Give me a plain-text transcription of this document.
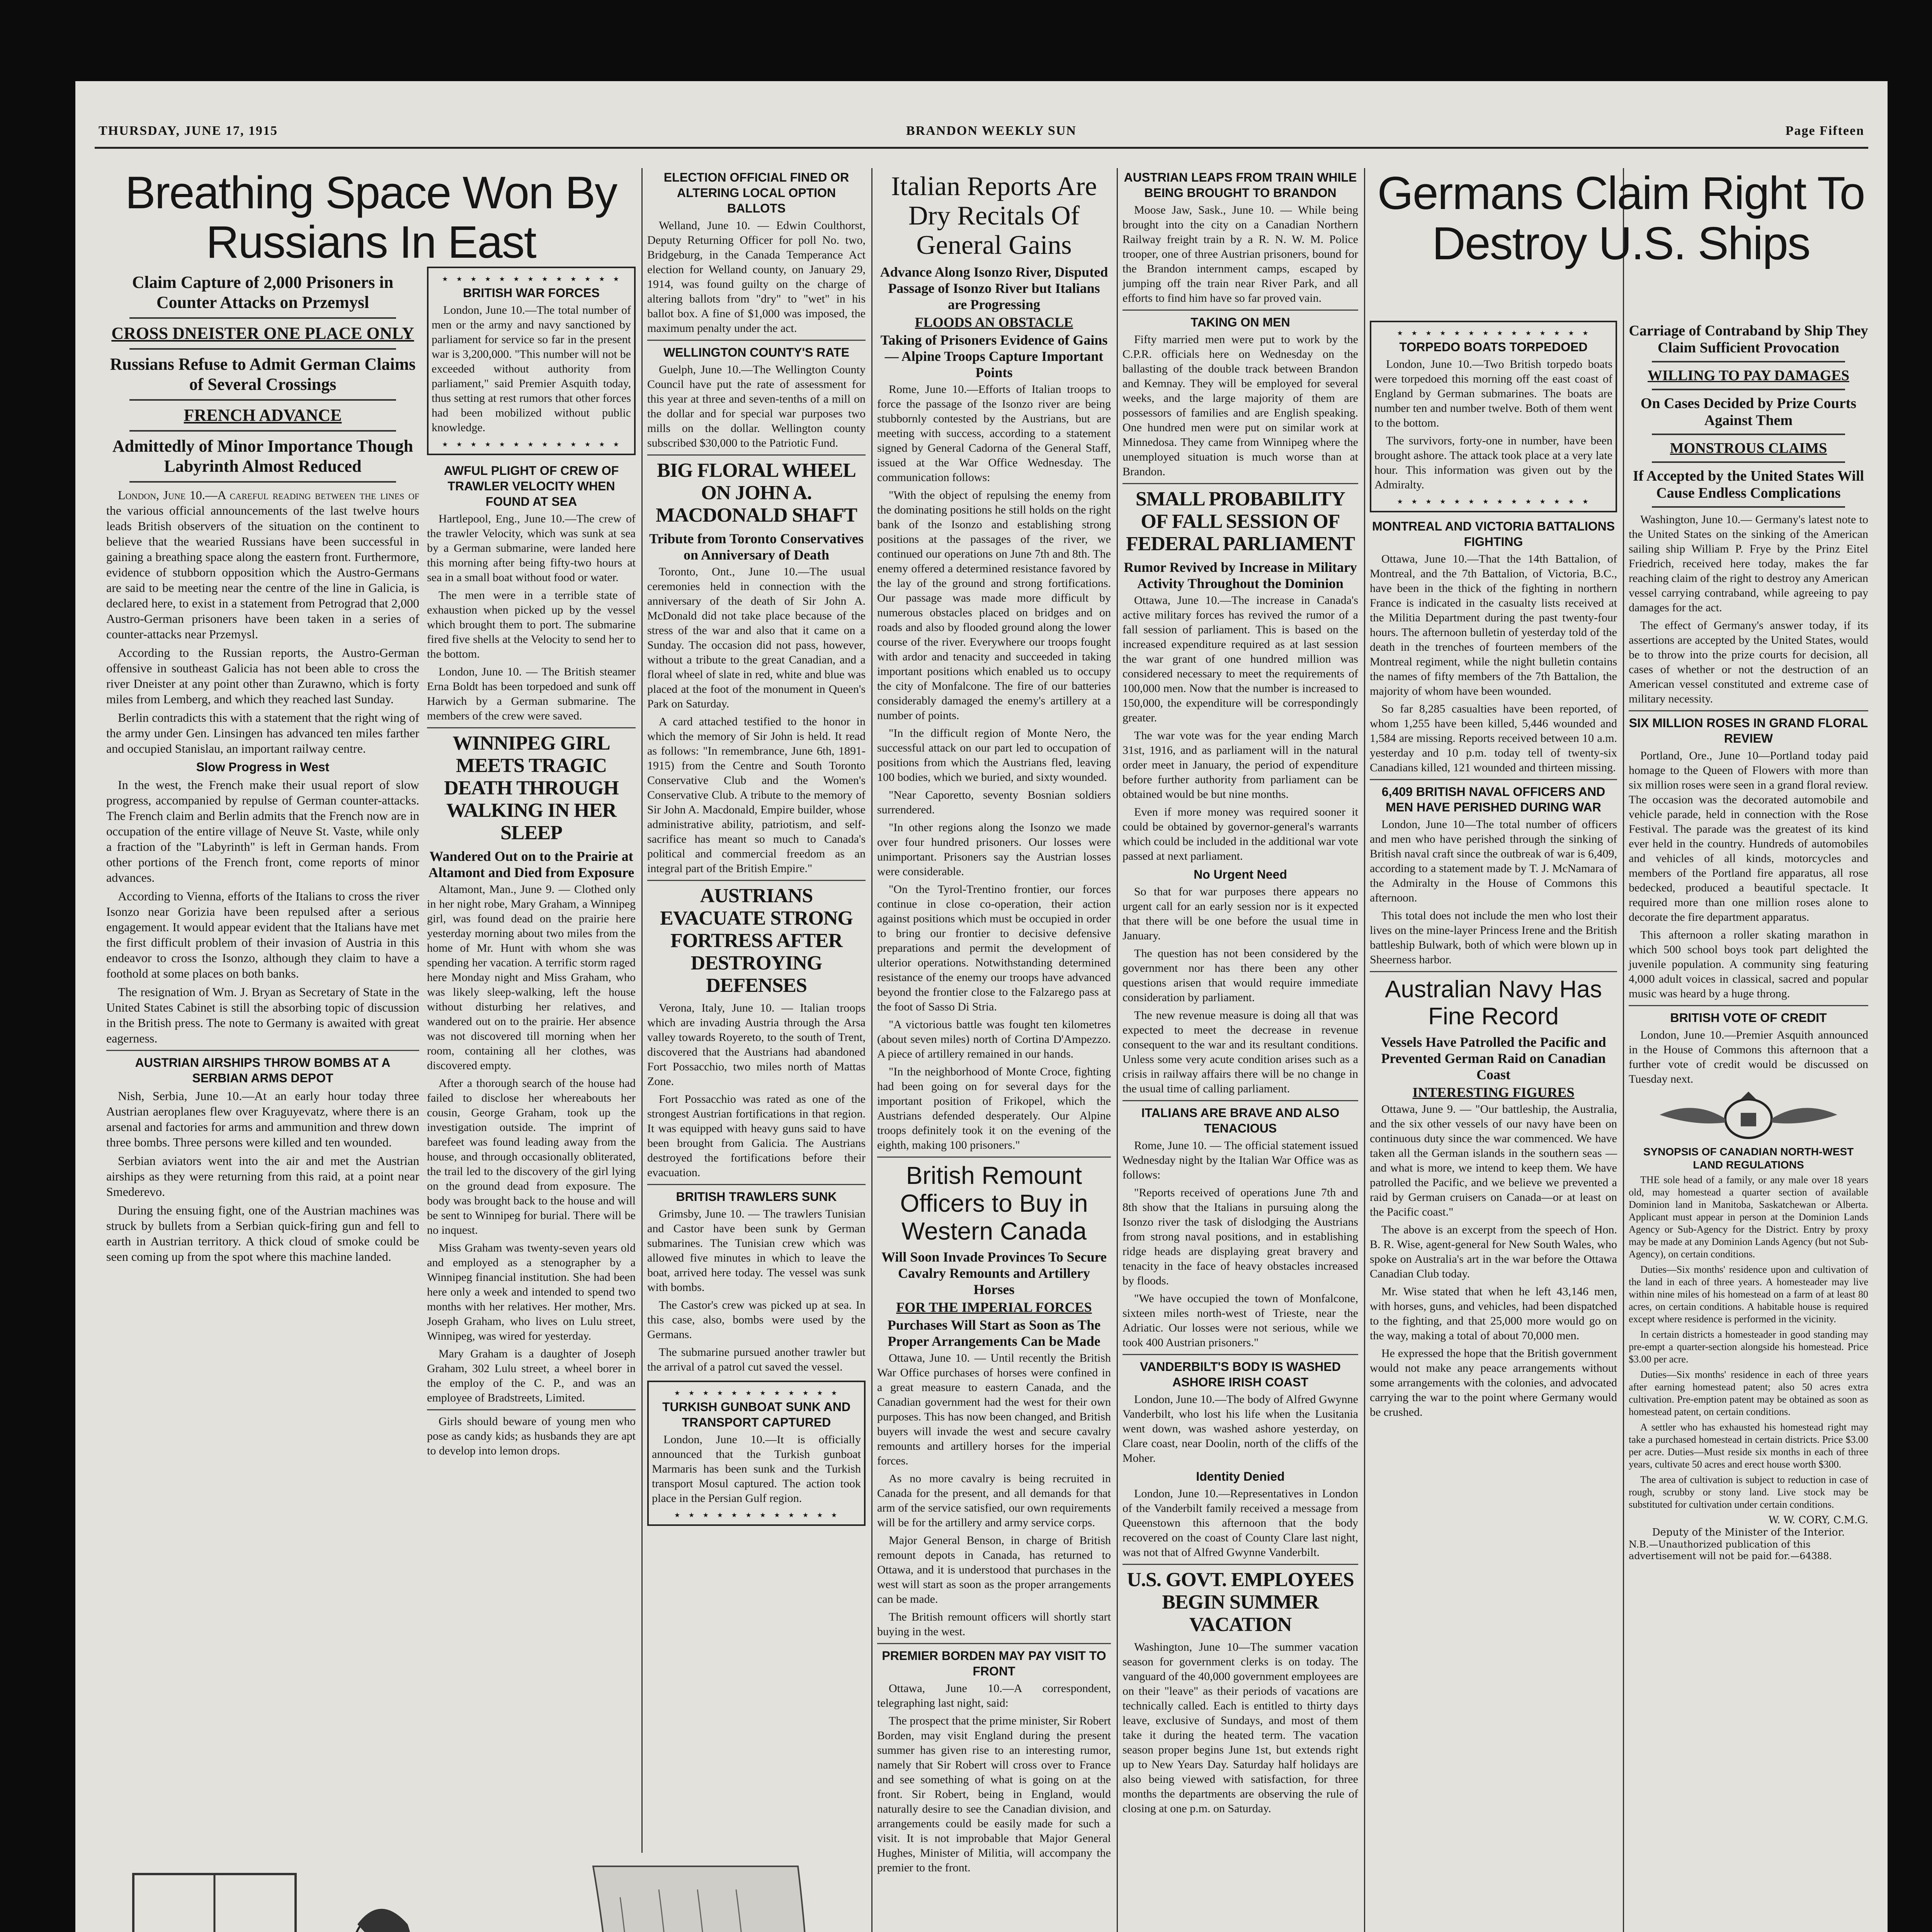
THURSDAY, JUNE 17, 1915	BRANDON WEEKLY SUN	Page Fifteen
Breathing Space Won By Russians In East
Claim Capture of 2,000 Prisoners in Counter Attacks on Przemysl
CROSS DNEISTER ONE PLACE ONLY
Russians Refuse to Admit German Claims of Several Crossings
FRENCH ADVANCE
Admittedly of Minor Importance Though Labyrinth Almost Reduced

London, June 10.—A careful reading between the lines of the various official announcements of the last twelve hours leads British observers of the situation on the continent to believe that the wearied Russians have been successful in gaining a breathing space along the eastern front. Furthermore, evidence of stubborn opposition which the Austro-Germans are said to be meeting near the centre of the line in Galicia, is declared here, to exist in a statement from Petrograd that 2,000 Austro-German prisoners have been taken in a series of counter-attacks near Przemysl.

According to the Russian reports, the Austro-German offensive in southeast Galicia has not been able to cross the river Dneister at any point other than Zurawno, which is forty miles from Lemberg, and which they reached last Sunday.

Berlin contradicts this with a statement that the right wing of the army under Gen. Linsingen has advanced ten miles farther and occupied Stanislau, an important railway centre.

Slow Progress in West

In the west, the French make their usual report of slow progress, accompanied by repulse of German counter-attacks. The French claim and Berlin admits that the French now are in occupation of the entire village of Neuve St. Vaste, while only a fraction of the "Labyrinth" is left in German hands. From other portions of the French front, come reports of minor advances.

According to Vienna, efforts of the Italians to cross the river Isonzo near Gorizia have been repulsed after a serious engagement. It would appear evident that the Italians have met the first difficult problem of their invasion of Austria in this endeavor to cross the Isonzo, although they claim to have a foothold at some places on both banks.

The resignation of Wm. J. Bryan as Secretary of State in the United States Cabinet is still the absorbing topic of discussion in the British press. The note to Germany is awaited with great eagerness.

AUSTRIAN AIRSHIPS THROW BOMBS AT A SERBIAN ARMS DEPOT

Nish, Serbia, June 10.—At an early hour today three Austrian aeroplanes flew over Kraguyevatz, where there is an arsenal and factories for arms and ammunition and threw down three bombs. Three persons were killed and ten wounded.

Serbian aviators went into the air and met the Austrian airships as they were returning from this raid, at a point near Smederevo.

During the ensuing fight, one of the Austrian machines was struck by bullets from a Serbian quick-firing gun and fell to earth in Austrian territory. A thick cloud of smoke could be seen coming up from the spot where this machine landed.

★ ★ ★ ★ ★ ★ ★ ★ ★ ★ ★ ★ ★
BRITISH WAR FORCES

London, June 10.—The total number of men or the army and navy sanctioned by parliament for service so far in the present war is 3,200,000. "This number will not be exceeded without authority from parliament," said Premier Asquith today, thus setting at rest rumors that other forces had been mobilized without public knowledge.

★ ★ ★ ★ ★ ★ ★ ★ ★ ★ ★ ★ ★
AWFUL PLIGHT OF CREW OF TRAWLER VELOCITY WHEN FOUND AT SEA

Hartlepool, Eng., June 10.—The crew of the trawler Velocity, which was sunk at sea by a German submarine, were landed here this morning after being fifty-two hours at sea in a small boat without food or water.

The men were in a terrible state of exhaustion when picked up by the vessel which brought them to port. The submarine fired five shells at the Velocity to send her to the bottom.

London, June 10. — The British steamer Erna Boldt has been torpedoed and sunk off Harwich by a German submarine. The members of the crew were saved.

WINNIPEG GIRL MEETS TRAGIC DEATH THROUGH WALKING IN HER SLEEP
Wandered Out on to the Prairie at Altamont and Died from Exposure

Altamont, Man., June 9. — Clothed only in her night robe, Mary Graham, a Winnipeg girl, was found dead on the prairie here yesterday morning about two miles from the home of Mr. Hunt with whom she was spending her vacation. A terrific storm raged here Monday night and Miss Graham, who was likely sleep-walking, left the house without disturbing her relatives, and wandered out on to the prairie. Her absence was not discovered till morning when her room, containing all her clothes, was discovered empty.

After a thorough search of the house had failed to disclose her whereabouts her cousin, George Graham, took up the investigation outside. The imprint of barefeet was found leading away from the house, and through occasionally obliterated, the trail led to the discovery of the girl lying on the ground dead from exposure. The body was brought back to the house and will be sent to Winnipeg for burial. There will be no inquest.

Miss Graham was twenty-seven years old and employed as a stenographer by a Winnipeg financial institution. She had been here only a week and intended to spend two months with her relatives. Her mother, Mrs. Joseph Graham, who lives on Lulu street, Winnipeg, was wired for yesterday.

Mary Graham is a daughter of Joseph Graham, 302 Lulu street, a wheel borer in the employ of the C. P., and was an employee of Bradstreets, Limited.

Girls should beware of young men who pose as candy kids; as husbands they are apt to develop into lemon drops.

ELECTION OFFICIAL FINED OR ALTERING LOCAL OPTION BALLOTS

Welland, June 10. — Edwin Coulthorst, Deputy Returning Officer for poll No. two, Bridgeburg, in the Canada Temperance Act election for Welland county, on January 29, 1914, was found guilty on the charge of altering ballots from "dry" to "wet" in his ballot box. A fine of $1,000 was imposed, the maximum penalty under the act.

WELLINGTON COUNTY'S RATE

Guelph, June 10.—The Wellington County Council have put the rate of assessment for this year at three and seven-tenths of a mill on the dollar and for special war purposes two mills on the dollar. Wellington county subscribed $30,000 to the Patriotic Fund.

BIG FLORAL WHEEL ON JOHN A. MACDONALD SHAFT
Tribute from Toronto Conservatives on Anniversary of Death

Toronto, Ont., June 10.—The usual ceremonies held in connection with the anniversary of the death of Sir John A. McDonald did not take place because of the stress of the war and also that it came on a Sunday. The occasion did not pass, however, without a tribute to the great Canadian, and a floral wheel of slate in red, white and blue was placed at the foot of the monument in Queen's Park on Saturday.

A card attached testified to the honor in which the memory of Sir John is held. It read as follows: "In remembrance, June 6th, 1891-1915) from the Centre and South Toronto Conservative Club and the Women's Conservative Club. A tribute to the memory of Sir John A. Macdonald, Empire builder, whose administrative ability, patriotism, and self-sacrifice has meant so much to Canada's political and commercial freedom as an integral part of the British Empire."

AUSTRIANS EVACUATE STRONG FORTRESS AFTER DESTROYING DEFENSES

Verona, Italy, June 10. — Italian troops which are invading Austria through the Arsa valley towards Royereto, to the south of Trent, discovered that the Austrians had abandoned Fort Possacchio, two miles north of Mattas Zone.

Fort Possacchio was rated as one of the strongest Austrian fortifications in that region. It was equipped with heavy guns said to have been brought from Galicia. The Austrians destroyed the fortifications before their evacuation.

BRITISH TRAWLERS SUNK

Grimsby, June 10. — The trawlers Tunisian and Castor have been sunk by German submarines. The Tunisian crew which was allowed five minutes in which to leave the boat, arrived here today. The vessel was sunk with bombs.

The Castor's crew was picked up at sea. In this case, also, bombs were used by the Germans.

The submarine pursued another trawler but the arrival of a patrol cut saved the vessel.

★ ★ ★ ★ ★ ★ ★ ★ ★ ★ ★ ★
TURKISH GUNBOAT SUNK AND TRANSPORT CAPTURED

London, June 10.—It is officially announced that the Turkish gunboat Marmaris has been sunk and the Turkish transport Mosul captured. The action took place in the Persian Gulf region.

★ ★ ★ ★ ★ ★ ★ ★ ★ ★ ★ ★
Italian Reports Are Dry Recitals Of General Gains
Advance Along Isonzo River, Disputed Passage of Isonzo River but Italians are Progressing
FLOODS AN OBSTACLE
Taking of Prisoners Evidence of Gains— Alpine Troops Capture Important Points

Rome, June 10.—Efforts of Italian troops to force the passage of the Isonzo river are being stubbornly contested by the Austrians, but are meeting with success, according to a statement signed by General Cadorna of the General Staff, issued at the War Office Wednesday. The communication follows:

"With the object of repulsing the enemy from the dominating positions he still holds on the right bank of the Isonzo and establishing strong positions at the passages of the river, we continued our operations on June 7th and 8th. The enemy offered a determined resistance favored by the lay of the ground and strong fortifications. Our passage was made more difficult by numerous obstacles placed on bridges and on roads and also by flooded ground along the lower course of the river. Everywhere our troops fought with ardor and tenacity and succeeded in taking important positions which enabled us to occupy the city of Monfalcone. The fire of our batteries considerably damaged the enemy's artillery at a number of points.

"In the difficult region of Monte Nero, the successful attack on our part led to occupation of positions from which the Austrians fled, leaving 100 bodies, which we buried, and sixty wounded.

"Near Caporetto, seventy Bosnian soldiers surrendered.

"In other regions along the Isonzo we made over four hundred prisoners. Our losses were unimportant. Prisoners say the Austrian losses were considerable.

"On the Tyrol-Trentino frontier, our forces continue in close co-operation, their action against positions which must be occupied in order to bring our frontier to decisive defensive preparations and permit the development of ulterior operations. Notwithstanding determined resistance of the enemy our troops have advanced beyond the frontier close to the Falzarego pass at the foot of Sasso Di Stria.

"A victorious battle was fought ten kilometres (about seven miles) north of Cortina D'Ampezzo. A piece of artillery remained in our hands.

"In the neighborhood of Monte Croce, fighting had been going on for several days for the important position of Frikopel, which the Austrians defended desperately. Our Alpine troops definitely took it on the evening of the eighth, making 100 prisoners."

British Remount Officers to Buy in Western Canada
Will Soon Invade Provinces To Secure Cavalry Remounts and Artillery Horses
FOR THE IMPERIAL FORCES
Purchases Will Start as Soon as The Proper Arrangements Can be Made

Ottawa, June 10. — Until recently the British War Office purchases of horses were confined in a great measure to eastern Canada, and the Canadian government had the west for their own purposes. This has now been changed, and British buyers will invade the west and secure cavalry remounts and artillery horses for the imperial forces.

As no more cavalry is being recruited in Canada for the present, and all demands for that arm of the service satisfied, our own requirements will be for the artillery and army service corps.

Major General Benson, in charge of British remount depots in Canada, has returned to Ottawa, and it is understood that purchases in the west will start as soon as the proper arrangements can be made.

The British remount officers will shortly start buying in the west.

PREMIER BORDEN MAY PAY VISIT TO FRONT

Ottawa, June 10.—A correspondent, telegraphing last night, said:

The prospect that the prime minister, Sir Robert Borden, may visit England during the present summer has given rise to an interesting rumor, namely that Sir Robert will cross over to France and see something of what is going on at the front. Sir Robert, being in England, would naturally desire to see the Canadian division, and arrangements could be easily made for such a visit. It is not improbable that Major General Hughes, Minister of Militia, will accompany the premier to the front.

AUSTRIAN LEAPS FROM TRAIN WHILE BEING BROUGHT TO BRANDON

Moose Jaw, Sask., June 10. — While being brought into the city on a Canadian Northern Railway freight train by a R. N. W. M. Police trooper, one of three Austrian prisoners, bound for the Brandon internment camps, escaped by jumping off the train near River Park, and all efforts to find him have so far proved vain.

TAKING ON MEN

Fifty married men were put to work by the C.P.R. officials here on Wednesday on the ballasting of the double track between Brandon and Kemnay. They will be employed for several weeks, and the large majority of them are possessors of families and are English speaking. One hundred men were put on similar work at Minnedosa. They came from Winnipeg where the unemployed situation is much worse than at Brandon.

SMALL PROBABILITY OF FALL SESSION OF FEDERAL PARLIAMENT
Rumor Revived by Increase in Military Activity Throughout the Dominion

Ottawa, June 10.—The increase in Canada's active military forces has revived the rumor of a fall session of parliament. This is based on the increased expenditure required as at last session the war grant of one hundred million was considered necessary to meet the requirements of 100,000 men. Now that the number is increased to 150,000, the expenditure will be correspondingly greater.

The war vote was for the year ending March 31st, 1916, and as parliament will in the natural order meet in January, the period of expenditure before further authority from parliament can be obtained would be but nine months.

Even if more money was required sooner it could be obtained by governor-general's warrants which could be included in the additional war vote passed at next parliament.

No Urgent Need

So that for war purposes there appears no urgent call for an early session nor is it expected that there will be one before the usual time in January.

The question has not been considered by the government nor has there been any other questions arisen that would require immediate consideration by parliament.

The new revenue measure is doing all that was expected to meet the decrease in revenue consequent to the war and its resultant conditions. Unless some very acute condition arises such as a crisis in railway affairs there will be no change in the usual time of calling parliament.

ITALIANS ARE BRAVE AND ALSO TENACIOUS

Rome, June 10. — The official statement issued Wednesday night by the Italian War Office was as follows:

"Reports received of operations June 7th and 8th show that the Italians in pursuing along the Isonzo river the task of dislodging the Austrians from strong naval positions, and in establishing ridge heads are displaying great bravery and tenacity in the face of heavy obstacles increased by floods.

"We have occupied the town of Monfalcone, sixteen miles north-west of Trieste, near the Adriatic. Our losses were not serious, while we took 400 Austrian prisoners."

VANDERBILT'S BODY IS WASHED ASHORE IRISH COAST

London, June 10.—The body of Alfred Gwynne Vanderbilt, who lost his life when the Lusitania went down, was washed ashore yesterday, on Clare coast, near Doolin, north of the cliffs of the Moher.

Identity Denied

London, June 10.—Representatives in London of the Vanderbilt family received a message from Queenstown this afternoon that the body recovered on the coast of County Clare last night, was not that of Alfred Gwynne Vanderbilt.

U.S. GOVT. EMPLOYEES BEGIN SUMMER VACATION

Washington, June 10—The summer vacation season for government clerks is on today. The vanguard of the 40,000 government employees are on their "leave" as their periods of vacations are technically called. Each is entitled to thirty days leave, exclusive of Sundays, and most of them take it during the heated term. The vacation season proper begins June 1st, but extends right up to New Years Day. Saturday half holidays are also being viewed with satisfaction, for three months the departments are observing the rule of closing at one p.m. on Saturday.

Germans Claim Right To Destroy U.S. Ships
★ ★ ★ ★ ★ ★ ★ ★ ★ ★ ★ ★ ★ ★
TORPEDO BOATS TORPEDOED

London, June 10.—Two British torpedo boats were torpedoed this morning off the east coast of England by German submarines. The boats are number ten and number twelve. Both of them went to the bottom.

The survivors, forty-one in number, have been brought ashore. The attack took place at a very late hour. This information was given out by the Admiralty.

★ ★ ★ ★ ★ ★ ★ ★ ★ ★ ★ ★ ★ ★
MONTREAL AND VICTORIA BATTALIONS FIGHTING

Ottawa, June 10.—That the 14th Battalion, of Montreal, and the 7th Battalion, of Victoria, B.C., have been in the thick of the fighting in northern France is indicated in the casualty lists received at the Militia Department during the past twenty-four hours. The afternoon bulletin of yesterday told of the death in the trenches of fourteen members of the Montreal regiment, while the night bulletin contains the names of fifty members of the 7th Battalion, the majority of whom have been wounded.

So far 8,285 casualties have been reported, of whom 1,255 have been killed, 5,446 wounded and 1,584 are missing. Reports received between 10 a.m. yesterday and 10 p.m. today tell of twenty-six Canadians killed, 121 wounded and thirteen missing.

6,409 BRITISH NAVAL OFFICERS AND MEN HAVE PERISHED DURING WAR

London, June 10—The total number of officers and men who have perished through the sinking of British naval craft since the outbreak of war is 6,409, according to a statement made by T. J. McNamara of the Admiralty in the House of Commons this afternoon.

This total does not include the men who lost their lives on the mine-layer Princess Irene and the British battleship Bulwark, both of which were blown up in Sheerness harbor.

Australian Navy Has Fine Record
Vessels Have Patrolled the Pacific and Prevented German Raid on Canadian Coast
INTERESTING FIGURES

Ottawa, June 9. — "Our battleship, the Australia, and the six other vessels of our navy have been on continuous duty since the war commenced. We have taken all the German islands in the southern seas — and what is more, we intend to keep them. We have patrolled the Pacific, and we believe we prevented a raid by German cruisers on Canada—or at least on the Pacific coast."

The above is an excerpt from the speech of Hon. B. R. Wise, agent-general for New South Wales, who spoke on Australia's art in the war before the Ottawa Canadian Club today.

Mr. Wise stated that when he left 43,146 men, with horses, guns, and vehicles, had been dispatched to the fighting, and that 25,000 more would go on the way, making a total of about 70,000 men.

He expressed the hope that the British government would not make any peace arrangements without some arrangements with the colonies, and advocated carrying the war to the point where Germany would be crushed.

Carriage of Contraband by Ship They Claim Sufficient Provocation
WILLING TO PAY DAMAGES
On Cases Decided by Prize Courts Against Them
MONSTROUS CLAIMS
If Accepted by the United States Will Cause Endless Complications

Washington, June 10.— Germany's latest note to the United States on the sinking of the American sailing ship William P. Frye by the Prinz Eitel Friedrich, received here today, makes the far reaching claim of the right to destroy any American vessel carrying contraband, while agreeing to pay damages for the act.

The effect of Germany's answer today, if its assertions are accepted by the United States, would be to throw into the prize courts for decision, all cases of whether or not the destruction of an American vessel constituted and extreme case of military necessity.

SIX MILLION ROSES IN GRAND FLORAL REVIEW

Portland, Ore., June 10—Portland today paid homage to the Queen of Flowers with more than six million roses were seen in a grand floral review. The occasion was the decorated automobile and vehicle parade, held in connection with the Rose Festival. The parade was the greatest of its kind ever held in the country. Hundreds of automobiles and vehicles of all kinds, motorcycles and members of the Portland fire apparatus, all rose bedecked, produced a beautiful spectacle. It required more than one million roses alone to decorate the fire department apparatus.

This afternoon a roller skating marathon in which 500 school boys took part delighted the juvenile population. A community sing featuring 4,000 adult voices in classical, sacred and popular music was heard by a huge throng.

BRITISH VOTE OF CREDIT

London, June 10.—Premier Asquith announced in the House of Commons this afternoon that a further vote of credit would be discussed on Tuesday next.

SYNOPSIS OF CANADIAN NORTH-WEST LAND REGULATIONS

THE sole head of a family, or any male over 18 years old, may homestead a quarter section of available Dominion land in Manitoba, Saskatchewan or Alberta. Applicant must appear in person at the Dominion Lands Agency or Sub-Agency for the District. Entry by proxy may be made at any Dominion Lands Agency (but not Sub-Agency), on certain conditions.

Duties—Six months' residence upon and cultivation of the land in each of three years. A homesteader may live within nine miles of his homestead on a farm of at least 80 acres, on certain conditions. A habitable house is required except where residence is performed in the vicinity.

In certain districts a homesteader in good standing may pre-empt a quarter-section alongside his homestead. Price $3.00 per acre.

Duties—Six months' residence in each of three years after earning homestead patent; also 50 acres extra cultivation. Pre-emption patent may be obtained as soon as homestead patent, on certain conditions.

A settler who has exhausted his homestead right may take a purchased homestead in certain districts. Price $3.00 per acre. Duties—Must reside six months in each of three years, cultivate 50 acres and erect house worth $300.

The area of cultivation is subject to reduction in case of rough, scrubby or stony land. Live stock may be substituted for cultivation under certain conditions.

W. W. CORY, C.M.G.
Deputy of the Minister of the Interior.
N.B.—Unauthorized publication of this advertisement will not be paid for.—64388.
